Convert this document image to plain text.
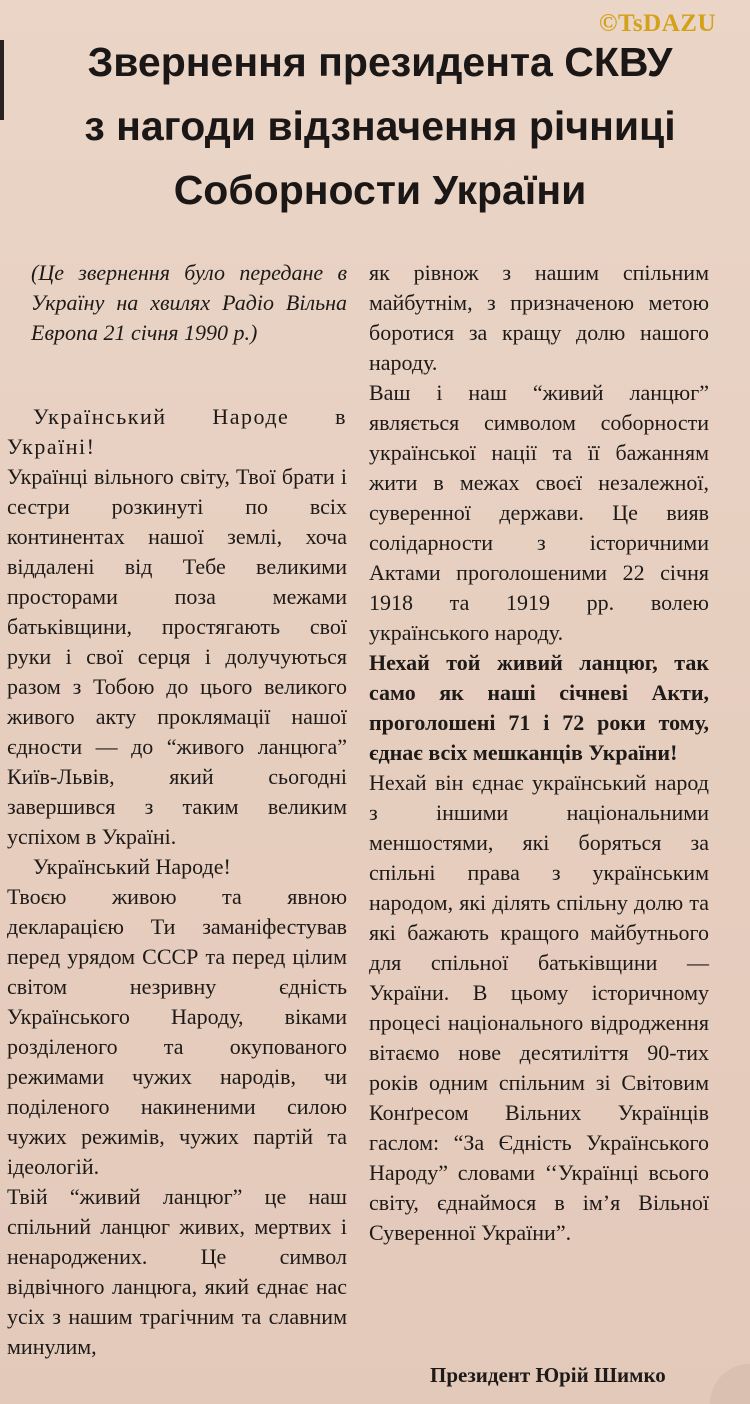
©TsDAZU
Звернення президента СКВУ
з нагоди відзначення річниці
Соборности України

(Це звернення було передане в Україну на хвилях Радіо Вільна Европа 21 січня 1990 р.)

Український Народе в Україні!

Українці вільного світу, Твої брати і сестри розкинуті по всіх континентах нашої землі, хоча віддалені від Тебе великими просторами поза межами батьківщини, простягають свої руки і свої серця і долучуються разом з Тобою до цього великого живого акту проклямації нашої єдности — до “живого ланцюга” Київ-Львів, який сьогодні завершився з таким великим успіхом в Україні.

Український Народе!

Твоєю живою та явною декларацією Ти заманіфестував перед урядом СССР та перед цілим світом незривну єдність Українського Народу, віками розділеного та окупованого режимами чужих народів, чи поділеного накиненими силою чужих режимів, чужих партій та ідеологій.

Твій “живий ланцюг” це наш спільний ланцюг живих, мертвих і ненароджених. Це символ відвічного ланцюга, який єднає нас усіх з нашим трагічним та славним минулим,

як рівнож з нашим спільним майбутнім, з призначеною метою боротися за кращу долю нашого народу.

Ваш і наш “живий ланцюг” являється символом соборности української нації та її бажанням жити в межах своєї незалежної, суверенної держави. Це вияв солідарности з історичними Актами проголошеними 22 січня 1918 та 1919 рр. волею українського народу.

Нехай той живий ланцюг, так само як наші січневі Акти, проголошені 71 і 72 роки тому, єднає всіх мешканців України!

Нехай він єднає український народ з іншими національними меншостями, які боряться за спільні права з українським народом, які ділять спільну долю та які бажають кращого майбутнього для спільної батьківщини — України. В цьому історичному процесі національного відродження вітаємо нове десятиліття 90-тих років одним спільним зі Світовим Конґресом Вільних Українців гаслом: “За Єдність Українського Народу” словами ‘‘Українці всього світу, єднаймося в ім’я Вільної Суверенної України”.

Президент Юрій Шимко
